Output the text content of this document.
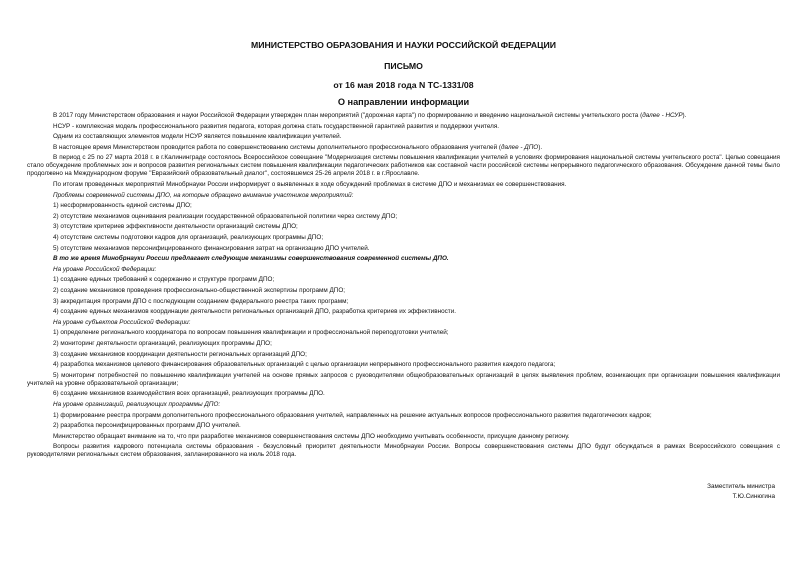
МИНИСТЕРСТВО ОБРАЗОВАНИЯ И НАУКИ РОССИЙСКОЙ ФЕДЕРАЦИИ
ПИСЬМО
от 16 мая 2018 года N ТС-1331/08
О направлении информации

В 2017 году Министерством образования и науки Российской Федерации утвержден план мероприятий ("дорожная карта") по формированию и введению национальной системы учительского роста (далее - НСУР).

НСУР - комплексная модель профессионального развития педагога, которая должна стать государственной гарантией развития и поддержки учителя.

Одним из составляющих элементов модели НСУР является повышение квалификации учителей.

В настоящее время Министерством проводится работа по совершенствованию системы дополнительного профессионального образования учителей (далее - ДПО).

В период с 25 по 27 марта 2018 г. в г.Калининграде состоялось Всероссийское совещание "Модернизация системы повышения квалификации учителей в условиях формирования национальной системы учительского роста". Целью совещания стало обсуждение проблемных зон и вопросов развития региональных систем повышения квалификации педагогических работников как составной части российской системы непрерывного педагогического образования. Обсуждение данной темы было продолжено на Международном форуме "Евразийский образовательный диалог", состоявшемся 25-26 апреля 2018 г. в г.Ярославле.

По итогам проведенных мероприятий Минобрнауки России информирует о выявленных в ходе обсуждений проблемах в системе ДПО и механизмах ее совершенствования.

Проблемы современной системы ДПО, на которые обращено внимание участников мероприятий:

1) несформированность единой системы ДПО;

2) отсутствие механизмов оценивания реализации государственной образовательной политики через систему ДПО;

3) отсутствие критериев эффективности деятельности организаций системы ДПО;

4) отсутствие системы подготовки кадров для организаций, реализующих программы ДПО;

5) отсутствие механизмов персонифицированного финансирования затрат на организацию ДПО учителей.

В то же время Минобрнауки России предлагает следующие механизмы совершенствования современной системы ДПО.

На уровне Российской Федерации:

1) создание единых требований к содержанию и структуре программ ДПО;

2) создание механизмов проведения профессионально-общественной экспертизы программ ДПО;

3) аккредитация программ ДПО с последующим созданием федерального реестра таких программ;

4) создание единых механизмов координации деятельности региональных организаций ДПО, разработка критериев их эффективности.

На уровне субъектов Российской Федерации:

1) определение регионального координатора по вопросам повышения квалификации и профессиональной переподготовки учителей;

2) мониторинг деятельности организаций, реализующих программы ДПО;

3) создание механизмов координации деятельности региональных организаций ДПО;

4) разработка механизмов целевого финансирования образовательных организаций с целью организации непрерывного профессионального развития каждого педагога;

5) мониторинг потребностей по повышению квалификации учителей на основе прямых запросов с руководителями общеобразовательных организаций в целях выявления проблем, возникающих при организации повышения квалификации учителей на уровне образовательной организации;

6) создание механизмов взаимодействия всех организаций, реализующих программы ДПО.

На уровне организаций, реализующих программы ДПО:

1) формирование реестра программ дополнительного профессионального образования учителей, направленных на решение актуальных вопросов профессионального развития педагогических кадров;

2) разработка персонифицированных программ ДПО учителей.

Министерство обращает внимание на то, что при разработке механизмов совершенствования системы ДПО необходимо учитывать особенности, присущие данному региону.

Вопросы развития кадрового потенциала системы образования - безусловный приоритет деятельности Минобрнауки России. Вопросы совершенствования системы ДПО будут обсуждаться в рамках Всероссийского совещания с руководителями региональных систем образования, запланированного на июль 2018 года.

Заместитель министра
Т.Ю.Синюгина
